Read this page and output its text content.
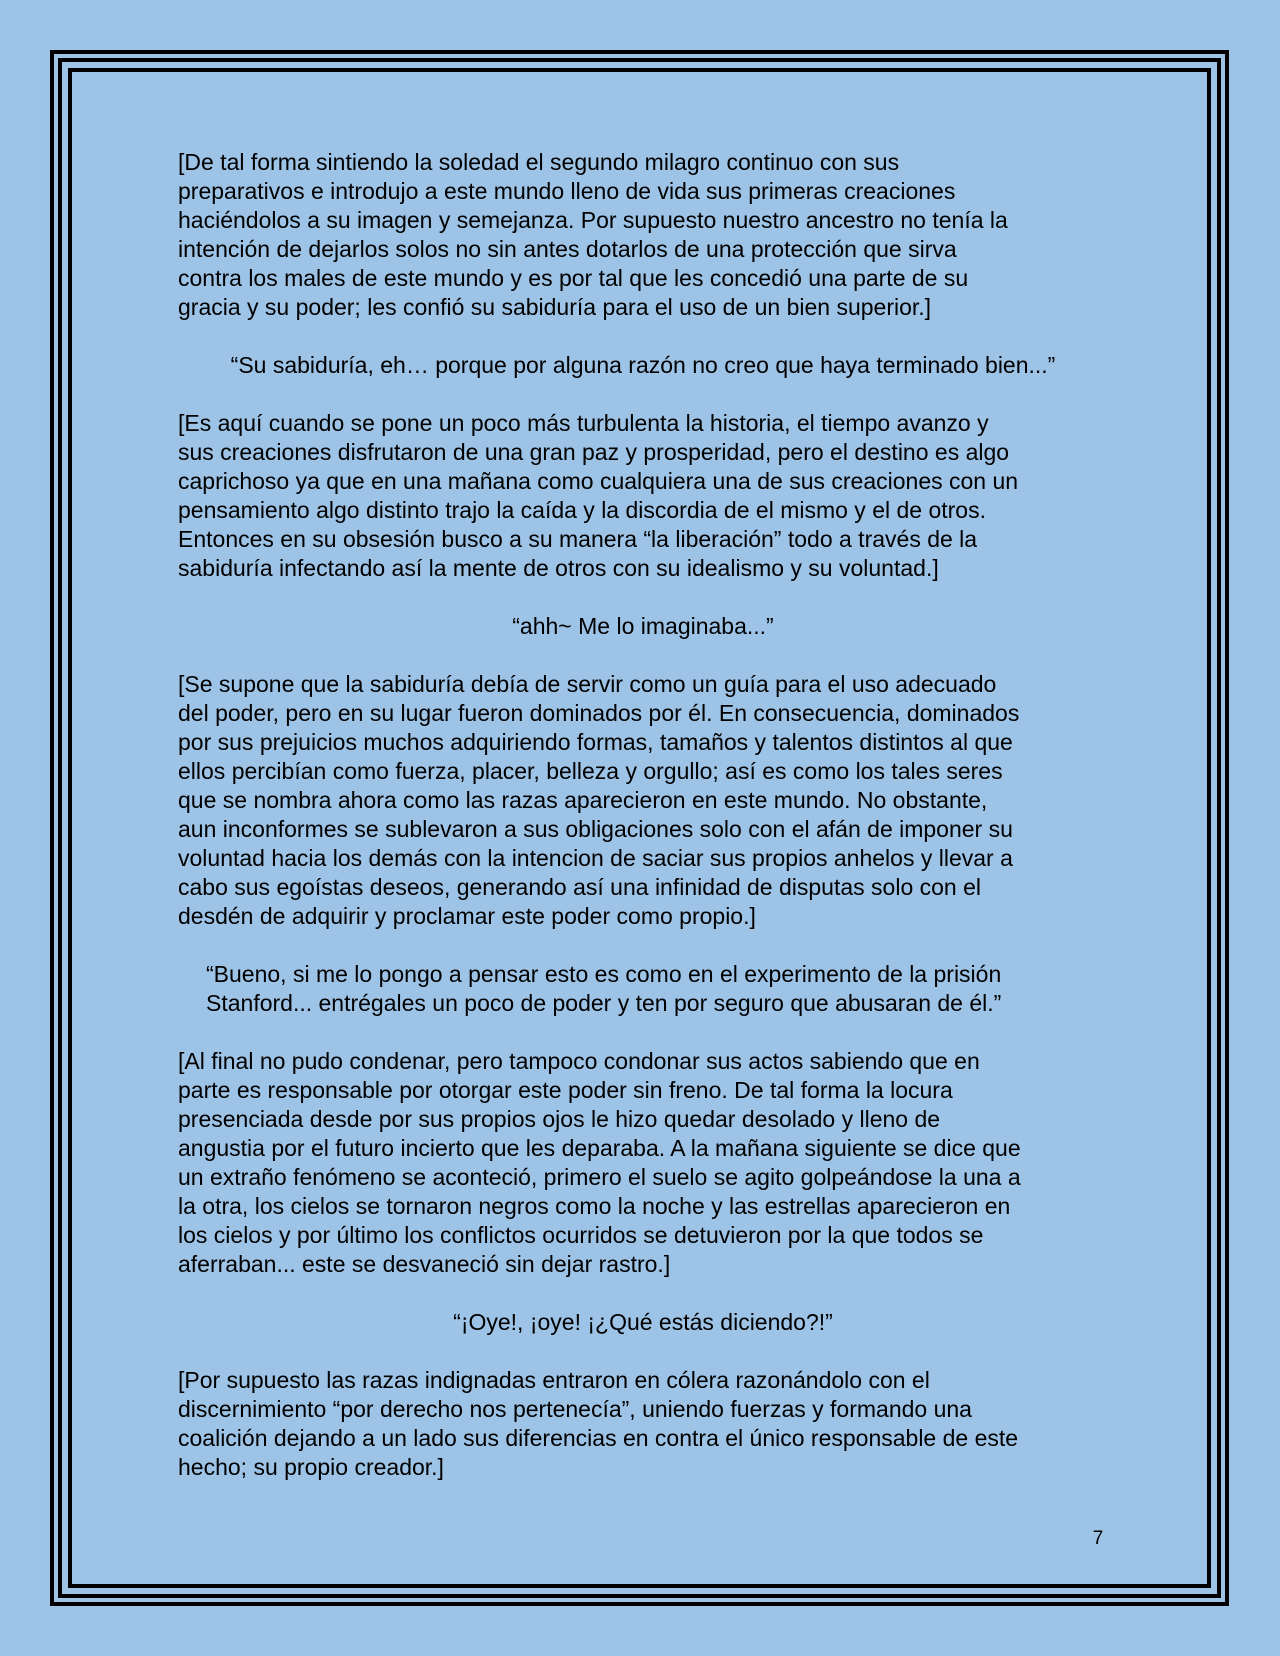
[De tal forma sintiendo la soledad el segundo milagro continuo con sus
preparativos e introdujo a este mundo lleno de vida sus primeras creaciones
haciéndolos a su imagen y semejanza. Por supuesto nuestro ancestro no tenía la
intención de dejarlos solos no sin antes dotarlos de una protección que sirva
contra los males de este mundo y es por tal que les concedió una parte de su
gracia y su poder; les confió su sabiduría para el uso de un bien superior.]

“Su sabiduría, eh… porque por alguna razón no creo que haya terminado bien...”

[Es aquí cuando se pone un poco más turbulenta la historia, el tiempo avanzo y
sus creaciones disfrutaron de una gran paz y prosperidad, pero el destino es algo
caprichoso ya que en una mañana como cualquiera una de sus creaciones con un
pensamiento algo distinto trajo la caída y la discordia de el mismo y el de otros.
Entonces en su obsesión busco a su manera “la liberación” todo a través de la
sabiduría infectando así la mente de otros con su idealismo y su voluntad.]

“ahh~ Me lo imaginaba...”

[Se supone que la sabiduría debía de servir como un guía para el uso adecuado
del poder, pero en su lugar fueron dominados por él. En consecuencia, dominados
por sus prejuicios muchos adquiriendo formas, tamaños y talentos distintos al que
ellos percibían como fuerza, placer, belleza y orgullo; así es como los tales seres
que se nombra ahora como las razas aparecieron en este mundo. No obstante,
aun inconformes se sublevaron a sus obligaciones solo con el afán de imponer su
voluntad hacia los demás con la intencion de saciar sus propios anhelos y llevar a
cabo sus egoístas deseos, generando así una infinidad de disputas solo con el
desdén de adquirir y proclamar este poder como propio.]

“Bueno, si me lo pongo a pensar esto es como en el experimento de la prisión
Stanford... entrégales un poco de poder y ten por seguro que abusaran de él.”

[Al final no pudo condenar, pero tampoco condonar sus actos sabiendo que en
parte es responsable por otorgar este poder sin freno. De tal forma la locura
presenciada desde por sus propios ojos le hizo quedar desolado y lleno de
angustia por el futuro incierto que les deparaba. A la mañana siguiente se dice que
un extraño fenómeno se aconteció, primero el suelo se agito golpeándose la una a
la otra, los cielos se tornaron negros como la noche y las estrellas aparecieron en
los cielos y por último los conflictos ocurridos se detuvieron por la que todos se
aferraban... este se desvaneció sin dejar rastro.]

“¡Oye!, ¡oye! ¡¿Qué estás diciendo?!”

[Por supuesto las razas indignadas entraron en cólera razonándolo con el
discernimiento “por derecho nos pertenecía”, uniendo fuerzas y formando una
coalición dejando a un lado sus diferencias en contra el único responsable de este
hecho; su propio creador.]

7
